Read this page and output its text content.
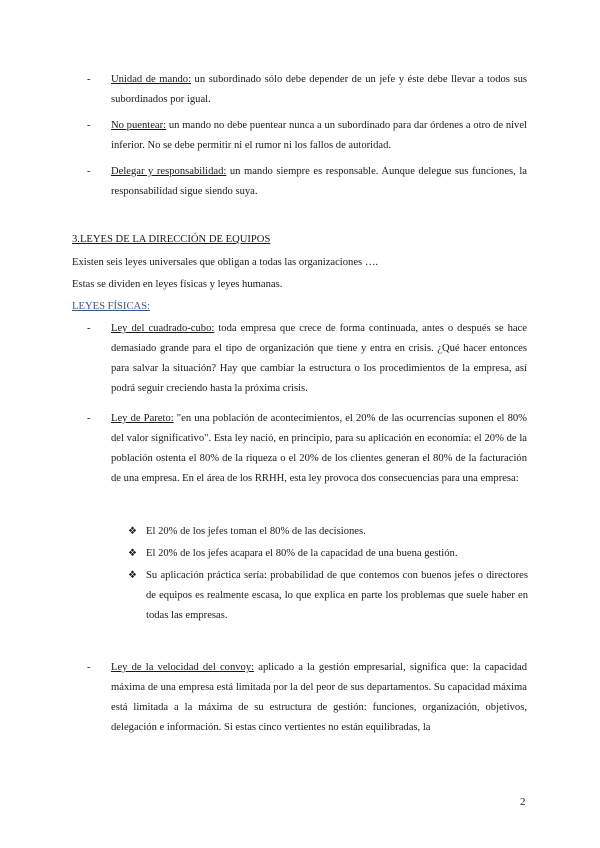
-	Unidad de mando: un subordinado sólo debe depender de un jefe y éste debe llevar a todos sus subordinados por igual.
-	No puentear: un mando no debe puentear nunca a un subordinado para dar órdenes a otro de nivel inferior. No se debe permitir ni el rumor ni los fallos de autoridad.
-	Delegar y responsabilidad: un mando siempre es responsable. Aunque delegue sus funciones, la responsabilidad sigue siendo suya.
3.LEYES DE LA DIRECCIÓN DE EQUIPOS
Existen seis leyes universales que obligan a todas las organizaciones ….
Estas se dividen en leyes físicas y leyes humanas.
LEYES FÍSICAS:
-	Ley del cuadrado-cubo: toda empresa que crece de forma continuada, antes o después se hace demasiado grande para el tipo de organización que tiene y entra en crisis. ¿Qué hacer entonces para salvar la situación? Hay que cambiar la estructura o los procedimientos de la empresa, así podrá seguir creciendo hasta la próxima crisis.
-	Ley de Pareto: "en una población de acontecimientos, el 20% de las ocurrencias suponen el 80% del valor significativo". Esta ley nació, en principio, para su aplicación en economía: el 20% de la población ostenta el 80% de la riqueza o el 20% de los clientes generan el 80% de la facturación de una empresa. En el área de los RRHH, esta ley provoca dos consecuencias para una empresa:
❖ El 20% de los jefes toman el 80% de las decisiones.
❖ El 20% de los jefes acapara el 80% de la capacidad de una buena gestión.
❖ Su aplicación práctica sería: probabilidad de que contemos con buenos jefes o directores de equipos es realmente escasa, lo que explica en parte los problemas que suele haber en todas las empresas.
-	Ley de la velocidad del convoy: aplicado a la gestión empresarial, significa que: la capacidad máxima de una empresa está limitada por la del peor de sus departamentos. Su capacidad máxima está limitada a la máxima de su estructura de gestión: funciones, organización, objetivos, delegación e información. Si estas cinco vertientes no están equilibradas, la
2
